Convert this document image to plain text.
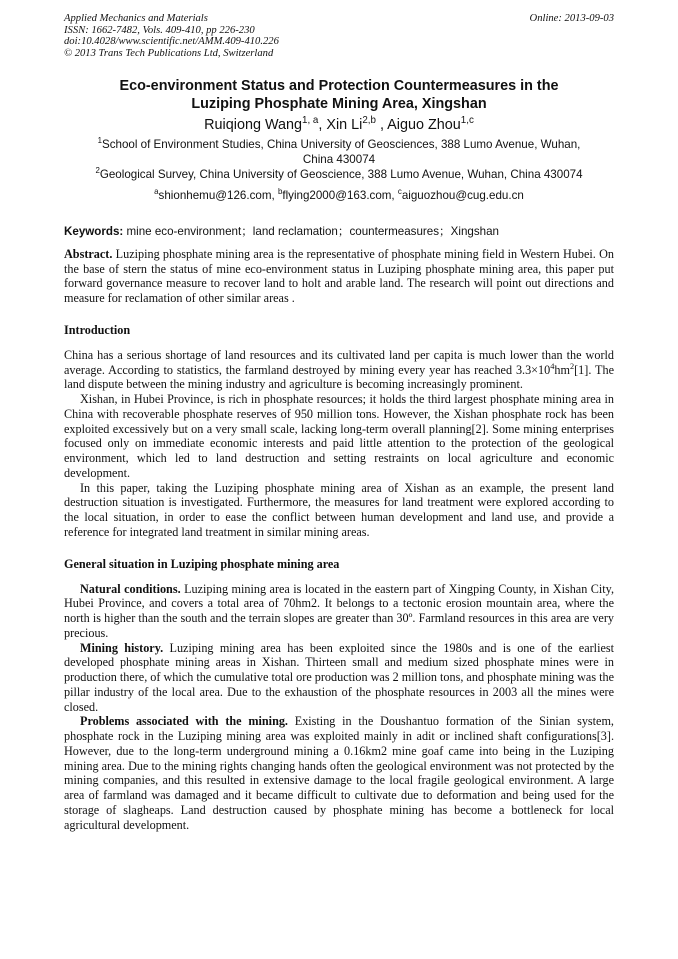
Applied Mechanics and Materials
ISSN: 1662-7482, Vols. 409-410, pp 226-230
doi:10.4028/www.scientific.net/AMM.409-410.226
© 2013 Trans Tech Publications Ltd, Switzerland
Online: 2013-09-03
Eco-environment Status and Protection Countermeasures in the
Luziping Phosphate Mining Area, Xingshan
Ruiqiong Wang$^{1, a}$, Xin Li$^{2,b}$ , Aiguo Zhou$^{1,c}$
$^1$School of Environment Studies, China University of Geosciences, 388 Lumo Avenue, Wuhan,
China 430074
$^2$Geological Survey, China University of Geoscience, 388 Lumo Avenue, Wuhan, China 430074
$^a$shionhemu@126.com, $^b$flying2000@163.com, $^c$aiguozhou@cug.edu.cn
Keywords: mine eco-environment；land reclamation；countermeasures；Xingshan
Abstract. Luziping phosphate mining area is the representative of phosphate mining field in Western Hubei. On the base of stern the status of mine eco-environment status in Luziping phosphate mining area, this paper put forward governance measure to recover land to holt and arable land. The research will point out directions and measure for reclamation of other similar areas .
Introduction

China has a serious shortage of land resources and its cultivated land per capita is much lower than the world average. According to statistics, the farmland destroyed by mining every year has reached $3.3\times 10^4hm^2[1]$. The land dispute between the mining industry and agriculture is becoming increasingly prominent.

Xishan, in Hubei Province, is rich in phosphate resources; it holds the third largest phosphate mining area in China with recoverable phosphate reserves of 950 million tons. However, the Xishan phosphate rock has been exploited excessively but on a very small scale, lacking long-term overall planning[2]. Some mining enterprises focused only on immediate economic interests and paid little attention to the protection of the geological environment, which led to land destruction and setting restraints on local agriculture and economic development.

In this paper, taking the Luziping phosphate mining area of Xishan as an example, the present land destruction situation is investigated. Furthermore, the measures for land treatment were explored according to the local situation, in order to ease the conflict between human development and land use, and provide a reference for integrated land treatment in similar mining areas.

General situation in Luziping phosphate mining area

Natural conditions. Luziping mining area is located in the eastern part of Xingping County, in Xishan City, Hubei Province, and covers a total area of 70hm2. It belongs to a tectonic erosion mountain area, where the north is higher than the south and the terrain slopes are greater than 30º. Farmland resources in this area are very precious.

Mining history. Luziping mining area has been exploited since the 1980s and is one of the earliest developed phosphate mining areas in Xishan. Thirteen small and medium sized phosphate mines were in production there, of which the cumulative total ore production was 2 million tons, and phosphate mining was the pillar industry of the local area. Due to the exhaustion of the phosphate resources in 2003 all the mines were closed.

Problems associated with the mining. Existing in the Doushantuo formation of the Sinian system, phosphate rock in the Luziping mining area was exploited mainly in adit or inclined shaft configurations[3]. However, due to the long-term underground mining a 0.16km2 mine goaf came into being in the Luziping mining area. Due to the mining rights changing hands often the geological environment was not protected by the mining companies, and this resulted in extensive damage to the local fragile geological environment. A large area of farmland was damaged and it became difficult to cultivate due to deformation and being used for the storage of slagheaps. Land destruction caused by phosphate mining has become a bottleneck for local agricultural development.
